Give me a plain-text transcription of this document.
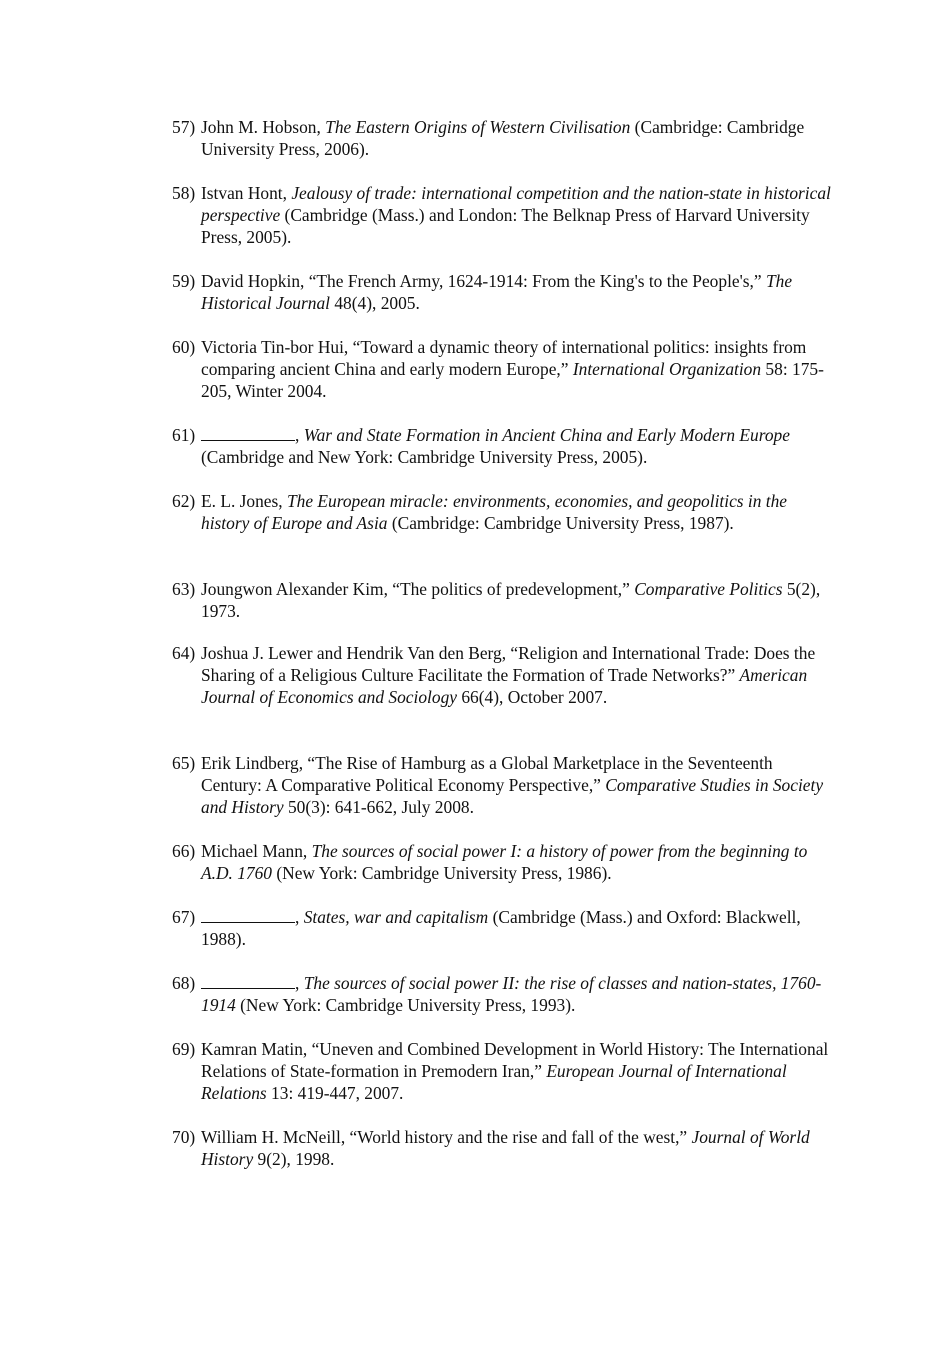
57) John M. Hobson, The Eastern Origins of Western Civilisation (Cambridge: Cambridge University Press, 2006).
58) Istvan Hont, Jealousy of trade: international competition and the nation-state in historical perspective (Cambridge (Mass.) and London: The Belknap Press of Harvard University Press, 2005).
59) David Hopkin, “The French Army, 1624-1914: From the King's to the People's,” The Historical Journal 48(4), 2005.
60) Victoria Tin-bor Hui, “Toward a dynamic theory of international politics: insights from comparing ancient China and early modern Europe,” International Organization 58: 175-205, Winter 2004.
61)	, War and State Formation in Ancient China and Early Modern Europe (Cambridge and New York: Cambridge University Press, 2005).
62) E. L. Jones, The European miracle: environments, economies, and geopolitics in the history of Europe and Asia (Cambridge: Cambridge University Press, 1987).
63) Joungwon Alexander Kim, “The politics of predevelopment,” Comparative Politics 5(2), 1973.
64) Joshua J. Lewer and Hendrik Van den Berg, “Religion and International Trade: Does the Sharing of a Religious Culture Facilitate the Formation of Trade Networks?” American Journal of Economics and Sociology 66(4), October 2007.
65) Erik Lindberg, “The Rise of Hamburg as a Global Marketplace in the Seventeenth Century: A Comparative Political Economy Perspective,” Comparative Studies in Society and History 50(3): 641-662, July 2008.
66) Michael Mann, The sources of social power I: a history of power from the beginning to A.D. 1760 (New York: Cambridge University Press, 1986).
67)	, States, war and capitalism (Cambridge (Mass.) and Oxford: Blackwell, 1988).
68)	, The sources of social power II: the rise of classes and nation-states, 1760-1914 (New York: Cambridge University Press, 1993).
69) Kamran Matin, “Uneven and Combined Development in World History: The International Relations of State-formation in Premodern Iran,” European Journal of International Relations 13: 419-447, 2007.
70) William H. McNeill, “World history and the rise and fall of the west,” Journal of World History 9(2), 1998.
